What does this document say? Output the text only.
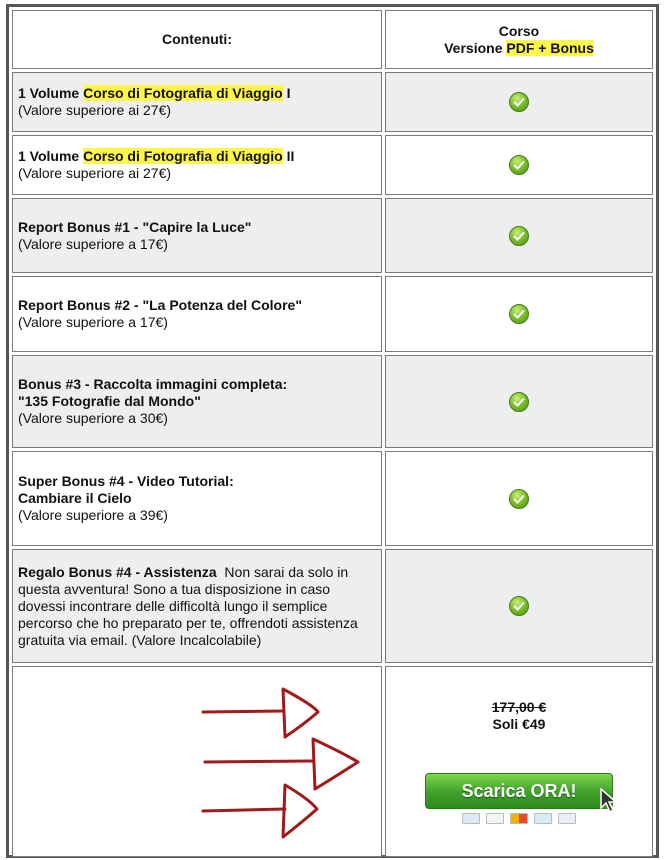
Contenuti:	Corso
Versione PDF + Bonus

1 Volume Corso di Fotografia di Viaggio I
(Valore superiore ai 27€)

1 Volume Corso di Fotografia di Viaggio II
(Valore superiore ai 27€)

Report Bonus #1 - "Capire la Luce"
(Valore superiore a 17€)

Report Bonus #2 - "La Potenza del Colore"
(Valore superiore a 17€)

Bonus #3 - Raccolta immagini completa:
"135 Fotografie dal Mondo"
(Valore superiore a 30€)

Super Bonus #4 - Video Tutorial:
Cambiare il Cielo
(Valore superiore a 39€)

Regalo Bonus #4 - Assistenza  Non sarai da solo in questa avventura! Sono a tua disposizione in caso dovessi incontrare delle difficoltà lungo il semplice percorso che ho preparato per te, offrendoti assistenza gratuita via email. (Valore Incalcolabile)	

177,00 €
Soli €49
Scarica ORA!
